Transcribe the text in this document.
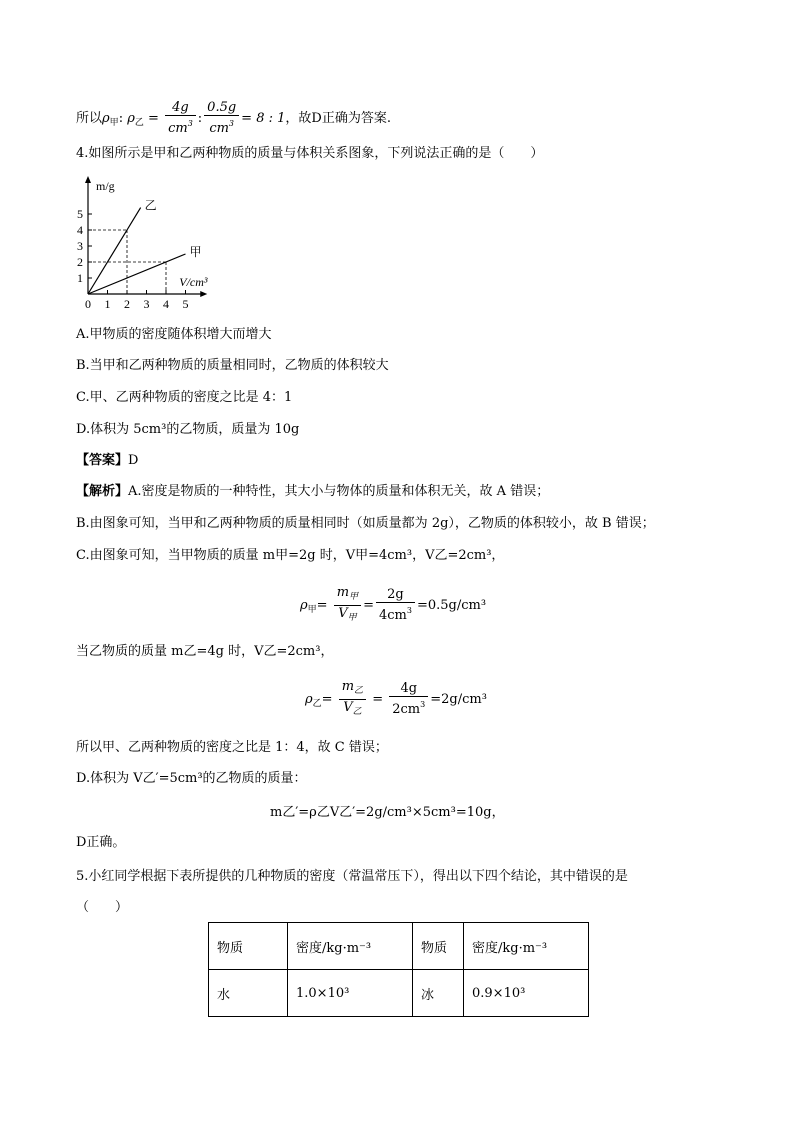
所以$\rho_甲$: $\rho_乙 = \frac{4g}{cm^3}$ : $\frac{0.5g}{cm^3} = 8$ : 1，故D正确为答案.
4.如图所示是甲和乙两种物质的质量与体积关系图象，下列说法正确的是（　　）
0 1 2 3 4 5
1
2
3
4
5
m/g
V/cm³
乙
甲
A.甲物质的密度随体积增大而增大
B.当甲和乙两种物质的质量相同时，乙物质的体积较大
C.甲、乙两种物质的密度之比是 4：1
D.体积为 5cm³的乙物质，质量为 10g
【答案】D
【解析】A.密度是物质的一种特性，其大小与物体的质量和体积无关，故 A 错误；
B.由图象可知，当甲和乙两种物质的质量相同时（如质量都为 2g），乙物质的体积较小，故 B 错误；
C.由图象可知，当甲物质的质量 m甲=2g 时，V甲=4cm³，V乙=2cm³，
$\rho_甲= \frac{m_甲}{V_甲} = \frac{2g}{4cm^3} =0.5g/cm^3$
当乙物质的质量 m乙=4g 时，V乙=2cm³，
$\rho_乙= \frac{m_乙}{V_乙} = \frac{4g}{2cm^3} =2g/cm^3$
所以甲、乙两种物质的密度之比是 1：4，故 C 错误；
D.体积为 V乙′=5cm³的乙物质的质量：
m乙′=ρ乙V乙′=2g/cm³×5cm³=10g，
D正确。
5.小红同学根据下表所提供的几种物质的密度（常温常压下），得出以下四个结论，其中错误的是
（　　）
物质	密度/kg·m⁻³	物质	密度/kg·m⁻³
水	1.0×10³	冰	0.9×10³
